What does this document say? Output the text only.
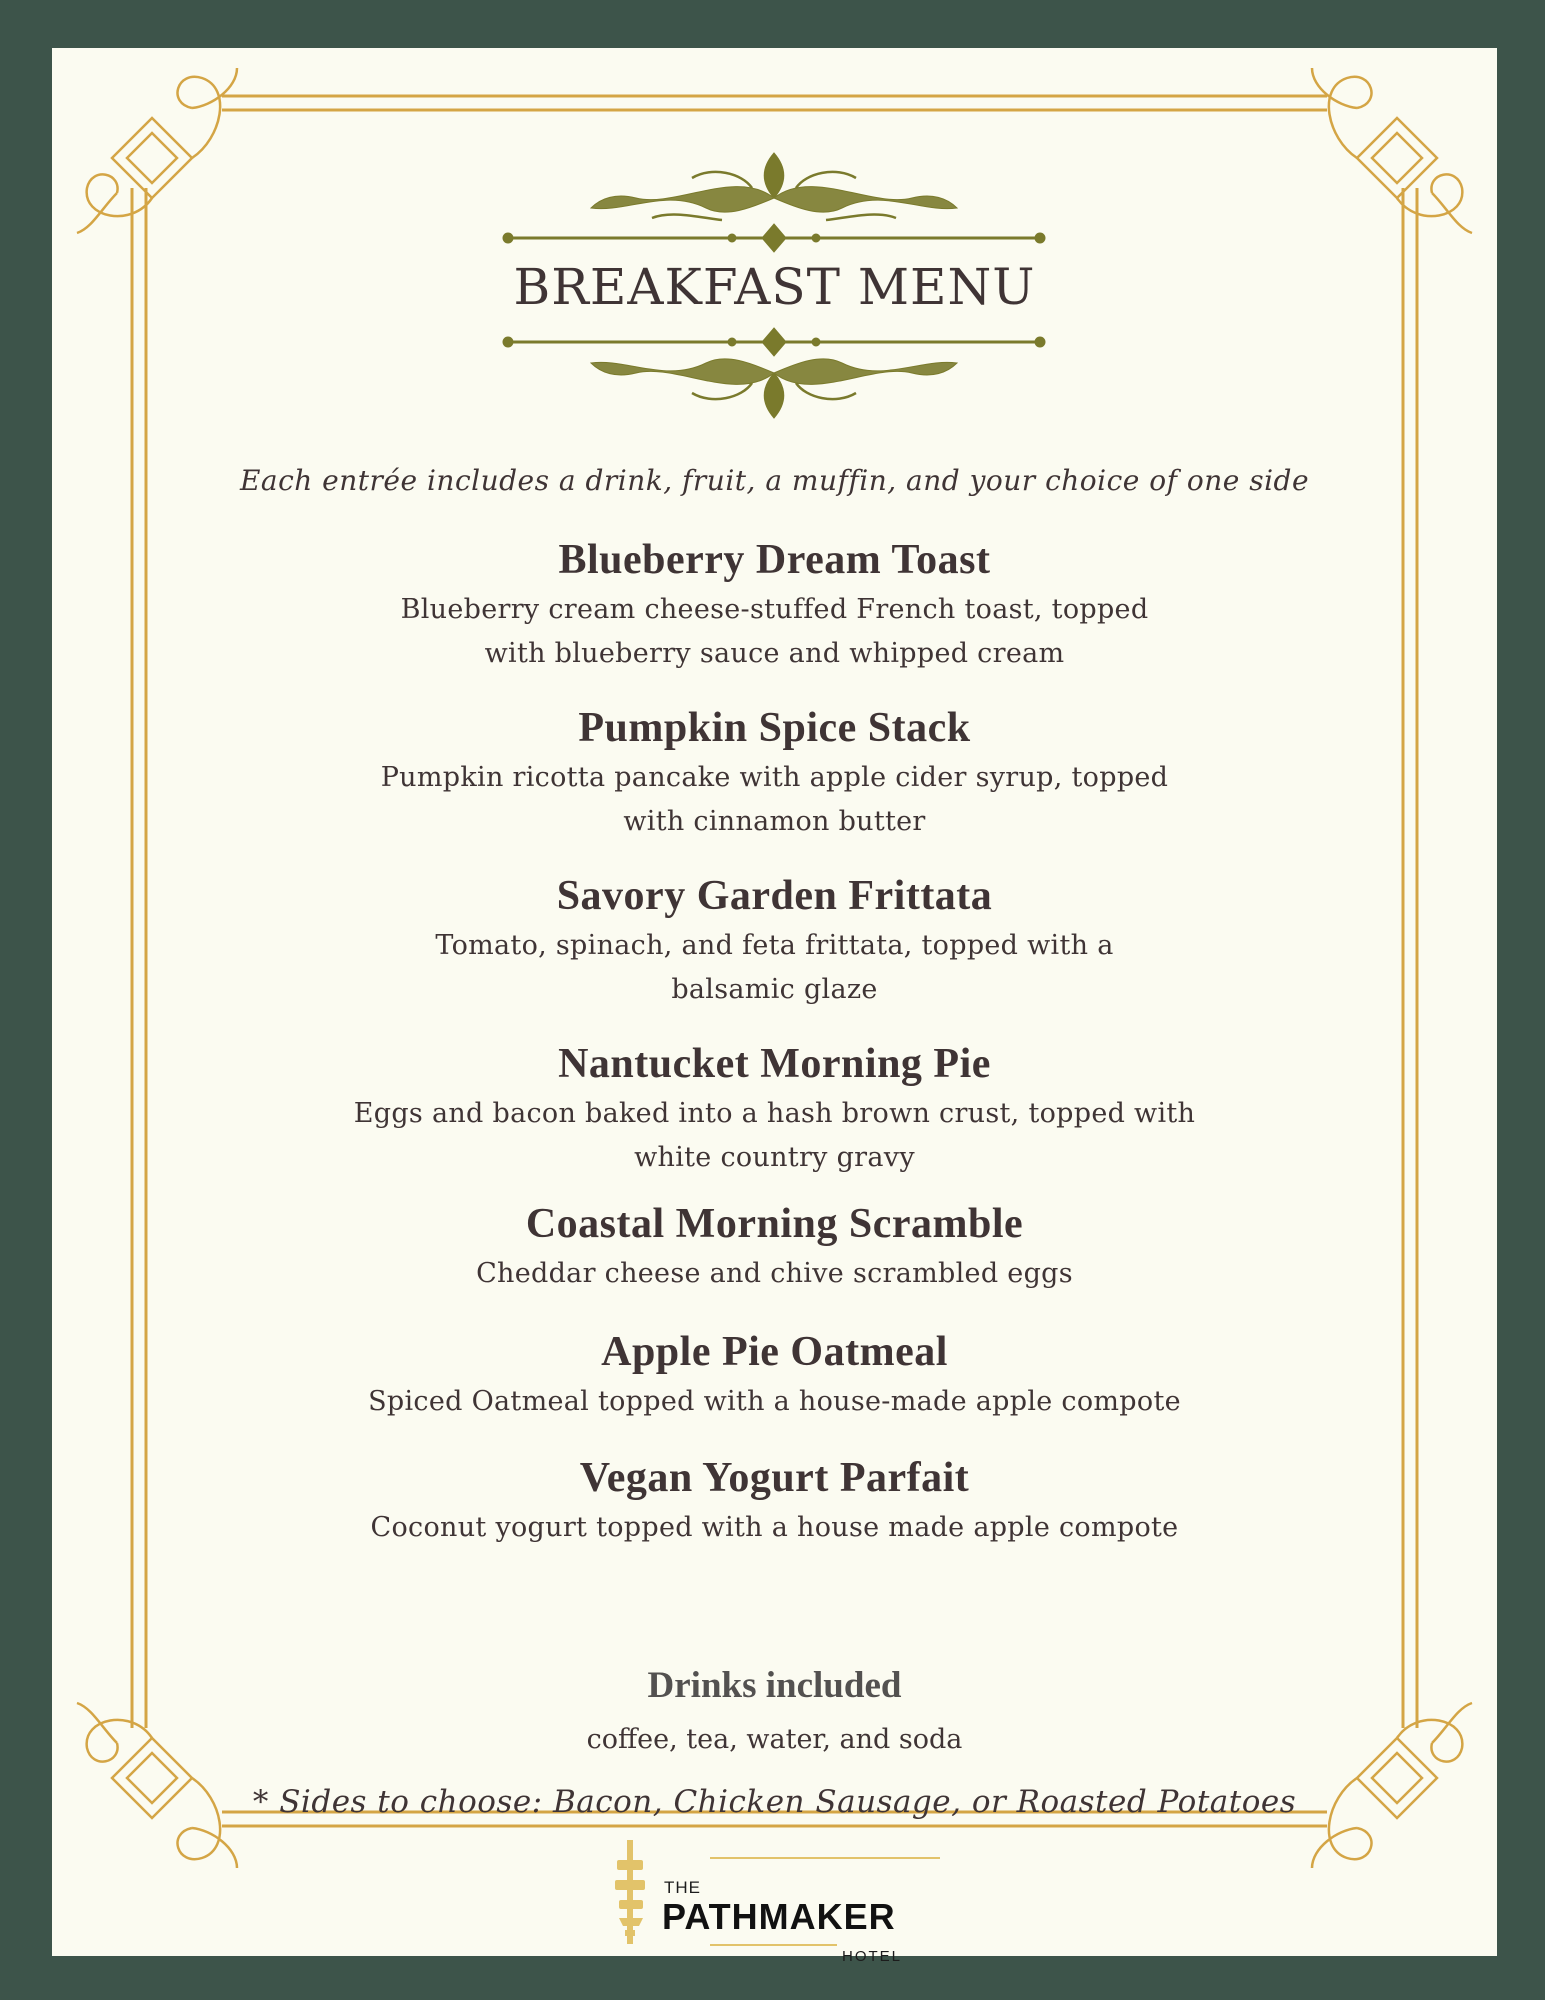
BREAKFAST MENU
Each entrée includes a drink, fruit, a muffin, and your choice of one side
Blueberry Dream Toast
Blueberry cream cheese-stuffed French toast, topped
with blueberry sauce and whipped cream
Pumpkin Spice Stack
Pumpkin ricotta pancake with apple cider syrup, topped
with cinnamon butter
Savory Garden Frittata
Tomato, spinach, and feta frittata, topped with a
balsamic glaze
Nantucket Morning Pie
Eggs and bacon baked into a hash brown crust, topped with
white country gravy
Coastal Morning Scramble
Cheddar cheese and chive scrambled eggs
Apple Pie Oatmeal
Spiced Oatmeal topped with a house-made apple compote
Vegan Yogurt Parfait
Coconut yogurt topped with a house made apple compote
Drinks included
coffee, tea, water, and soda
* Sides to choose: Bacon, Chicken Sausage, or Roasted Potatoes
THE
PATHMAKER
HOTEL
